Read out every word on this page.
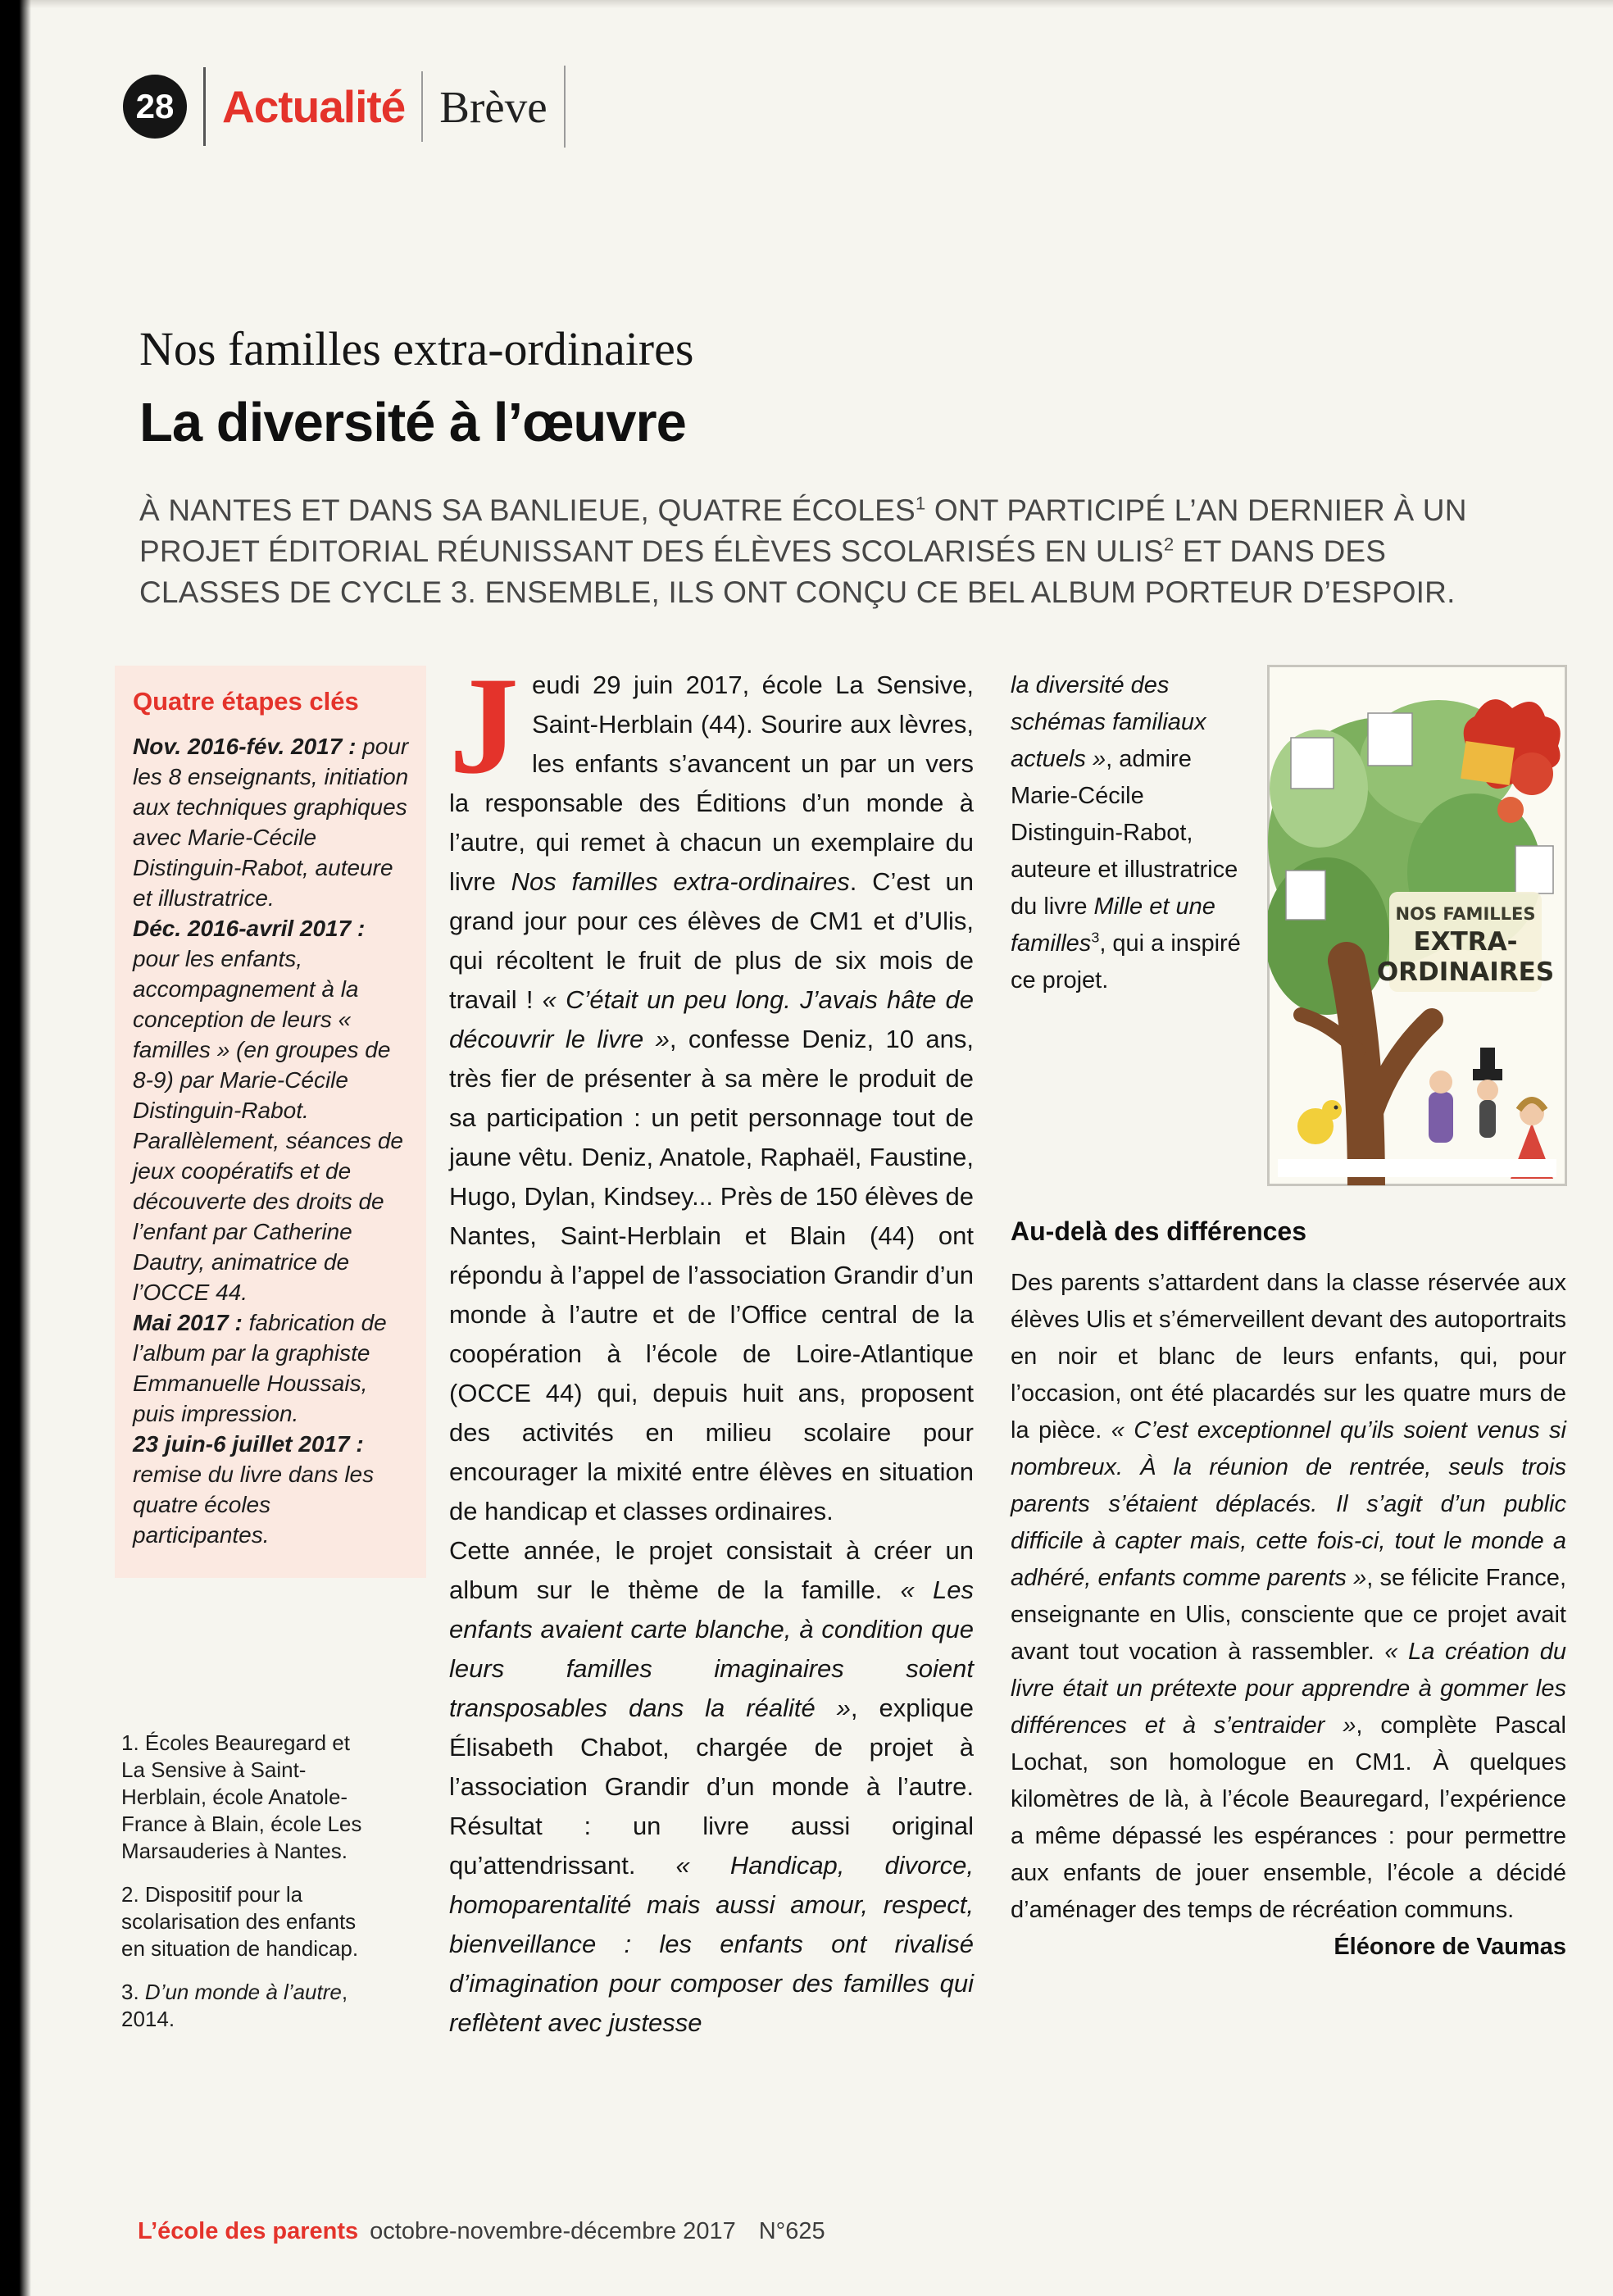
28 Actualité Brève
Nos familles extra-ordinaires
La diversité à l’œuvre

À NANTES ET DANS SA BANLIEUE, QUATRE ÉCOLES$^1$ ONT PARTICIPÉ L’AN DERNIER À UN PROJET ÉDITORIAL RÉUNISSANT DES ÉLÈVES SCOLARISÉS EN ULIS$^2$ ET DANS DES CLASSES DE CYCLE 3. ENSEMBLE, ILS ONT CONÇU CE BEL ALBUM PORTEUR D’ESPOIR.

Quatre étapes clés

Nov. 2016-fév. 2017 : pour les 8 enseignants, initiation aux techniques graphiques avec Marie-Cécile Distinguin-Rabot, auteure et illustratrice.

Déc. 2016-avril 2017 : pour les enfants, accompagnement à la conception de leurs « familles » (en groupes de 8-9) par Marie-Cécile Distinguin-Rabot. Parallèlement, séances de jeux coopératifs et de découverte des droits de l’enfant par Catherine Dautry, animatrice de l’OCCE 44.

Mai 2017 : fabrication de l’album par la graphiste Emmanuelle Houssais, puis impression.

23 juin-6 juillet 2017 : remise du livre dans les quatre écoles participantes.

1. Écoles Beauregard et La Sensive à Saint-Herblain, école Anatole-France à Blain, école Les Marsauderies à Nantes.

2. Dispositif pour la scolarisation des enfants en situation de handicap.

3. D’un monde à l’autre, 2014.

Jeudi 29 juin 2017, école La Sensive, Saint-Herblain (44). Sourire aux lèvres, les enfants s’avancent un par un vers la responsable des Éditions d’un monde à l’autre, qui remet à chacun un exemplaire du livre Nos familles extra-ordinaires. C’est un grand jour pour ces élèves de CM1 et d’Ulis, qui récoltent le fruit de plus de six mois de travail ! « C’était un peu long. J’avais hâte de découvrir le livre », confesse Deniz, 10 ans, très fier de présenter à sa mère le produit de sa participation : un petit personnage tout de jaune vêtu. Deniz, Anatole, Raphaël, Faustine, Hugo, Dylan, Kindsey... Près de 150 élèves de Nantes, Saint-Herblain et Blain (44) ont répondu à l’appel de l’association Grandir d’un monde à l’autre et de l’Office central de la coopération à l’école de Loire-Atlantique (OCCE 44) qui, depuis huit ans, proposent des activités en milieu scolaire pour encourager la mixité entre élèves en situation de handicap et classes ordinaires.

Cette année, le projet consistait à créer un album sur le thème de la famille. « Les enfants avaient carte blanche, à condition que leurs familles imaginaires soient transposables dans la réalité », explique Élisabeth Chabot, chargée de projet à l’association Grandir d’un monde à l’autre. Résultat : un livre aussi original qu’attendrissant. « Handicap, divorce, homoparentalité mais aussi amour, respect, bienveillance : les enfants ont rivalisé d’imagination pour composer des familles qui reflètent avec justesse

la diversité des schémas familiaux actuels », admire Marie-Cécile Distinguin-Rabot, auteure et illustratrice du livre Mille et une familles$^3$, qui a inspiré ce projet.

NOS FAMILLES
EXTRA-
ORDINAIRES
Au-delà des différences

Des parents s’attardent dans la classe réservée aux élèves Ulis et s’émerveillent devant des autoportraits en noir et blanc de leurs enfants, qui, pour l’occasion, ont été placardés sur les quatre murs de la pièce. « C’est exceptionnel qu’ils soient venus si nombreux. À la réunion de rentrée, seuls trois parents s’étaient déplacés. Il s’agit d’un public difficile à capter mais, cette fois-ci, tout le monde a adhéré, enfants comme parents », se félicite France, enseignante en Ulis, consciente que ce projet avait avant tout vocation à rassembler. « La création du livre était un prétexte pour apprendre à gommer les différences et à s’entraider », complète Pascal Lochat, son homologue en CM1. À quelques kilomètres de là, à l’école Beauregard, l’expérience a même dépassé les espérances : pour permettre aux enfants de jouer ensemble, l’école a décidé d’aménager des temps de récréation communs.
Éléonore de Vaumas

L’école des parents octobre-novembre-décembre 2017 N°625
